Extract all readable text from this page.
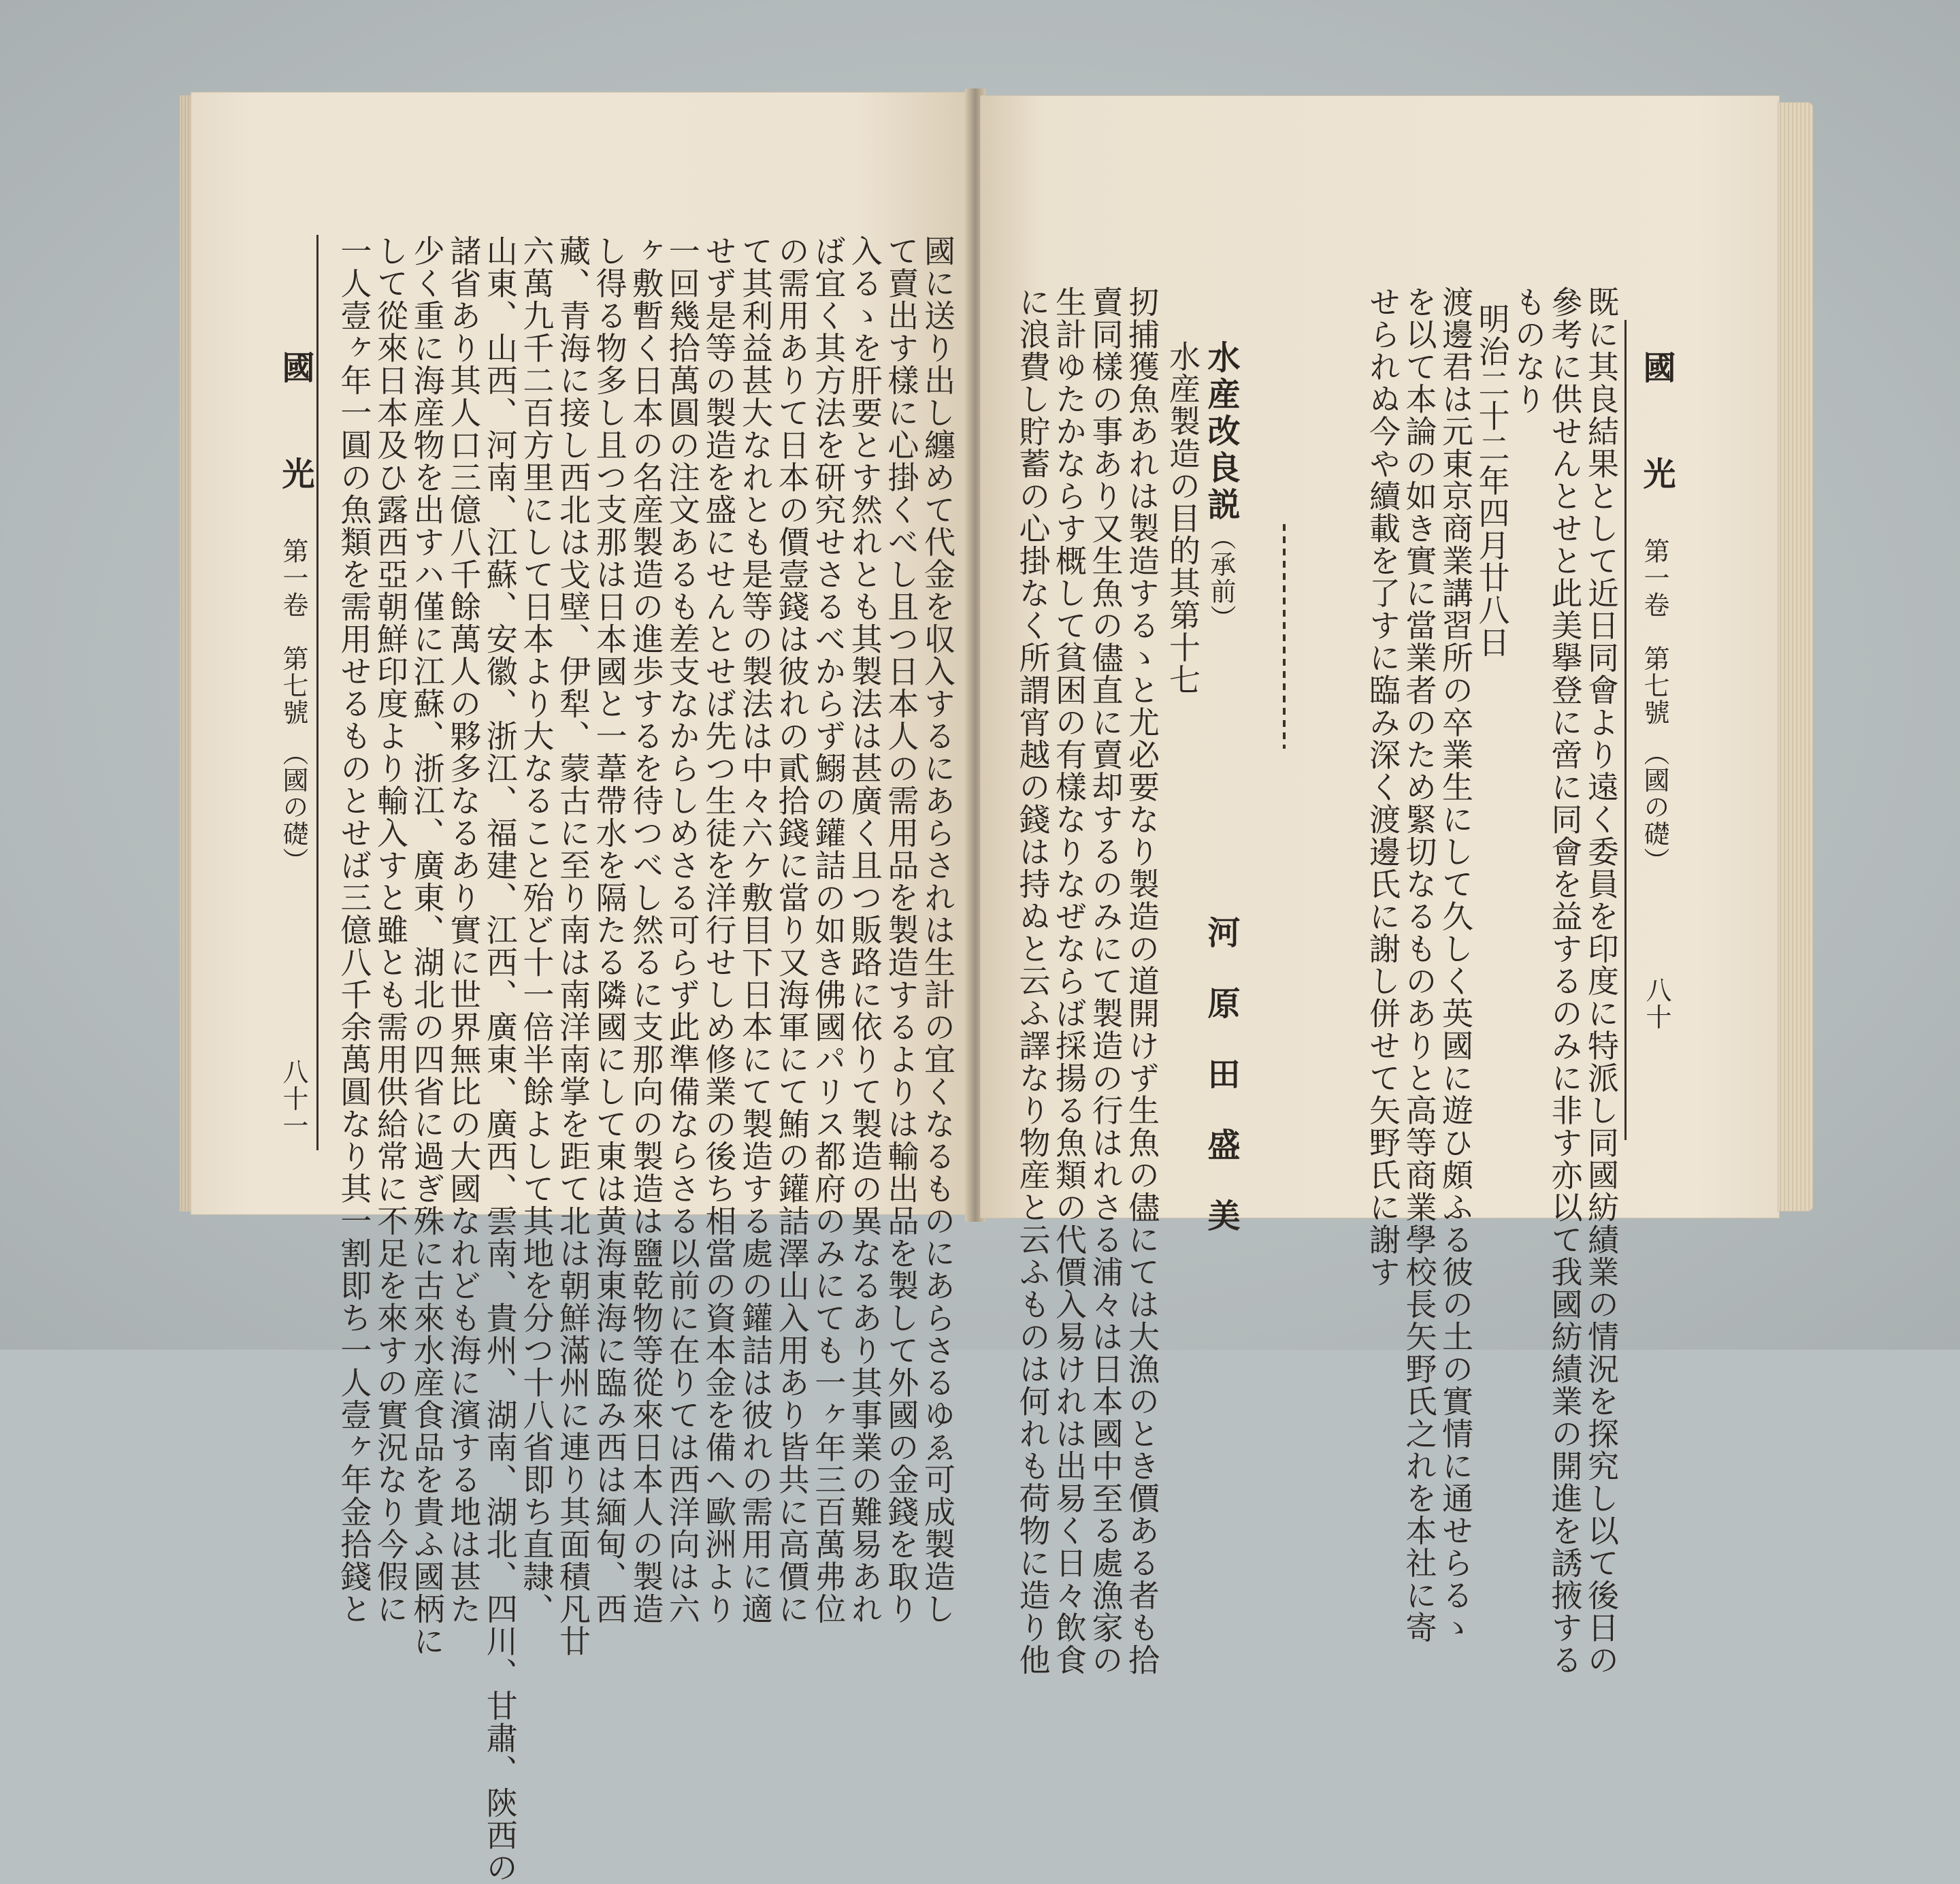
國　　光
第一卷　第七號　（國の礎）
八十一	國に送り出し纏めて代金を収入するにあらされは生計の宜くなるものにあらさるゆゑ可成製造し
て賣出す樣に心掛くべし且つ日本人の需用品を製造するよりは輸出品を製して外國の金錢を取り
入るゝを肝要とす然れとも其製法は甚廣く且つ販路に依りて製造の異なるあり其事業の難易あれ
ば宜く其方法を研究せさるべからず鰯の鑵詰の如き佛國パリス都府のみにても一ヶ年三百萬弗位
の需用ありて日本の價壹錢は彼れの貳拾錢に當り又海軍にて鮪の鑵詰澤山入用あり皆共に高價に
て其利益甚大なれとも是等の製法は中々六ケ敷目下日本にて製造する處の鑵詰は彼れの需用に適
せず是等の製造を盛にせんとせば先つ生徒を洋行せしめ修業の後ち相當の資本金を備へ歐洲より
一回幾拾萬圓の注文あるも差支なからしめさる可らず此準備ならさる以前に在りては西洋向は六
ヶ敷暫く日本の名産製造の進歩するを待つべし然るに支那向の製造は鹽乾物等從來日本人の製造
し得る物多し且つ支那は日本國と一葦帶水を隔たる隣國にして東は黄海東海に臨み西は緬甸、西
藏、青海に接し西北は戈壁、伊犁、蒙古に至り南は南洋南掌を距て北は朝鮮滿州に連り其面積凡廿
六萬九千二百方里にして日本より大なること殆ど十一倍半餘よして其地を分つ十八省即ち直隷、
山東、山西、河南、江蘇、安徽、浙江、福建、江西、廣東、廣西、雲南、貴州、湖南、湖北、四川、甘肅、陝西の
諸省あり其人口三億八千餘萬人の夥多なるあり實に世界無比の大國なれども海に濱する地は甚た
少く重に海産物を出すハ僅に江蘇、浙江、廣東、湖北の四省に過ぎ殊に古來水産食品を貴ふ國柄に
して從來日本及ひ露西亞朝鮮印度より輸入すと雖とも需用供給常に不足を來すの實況なり今假に
一人壹ヶ年一圓の魚類を需用せるものとせば三億八千余萬圓なり其一割即ち一人壹ヶ年金拾錢と	國　　光
第一卷　第七號　（國の礎）
八十
既に其良結果として近日同會より遠く委員を印度に特派し同國紡績業の情況を探究し以て後日の
參考に供せんとせと此美擧登に啻に同會を益するのみに非す亦以て我國紡績業の開進を誘掖する
ものなり
明治二十二年四月廿八日
渡邊君は元東京商業講習所の卒業生にして久しく英國に遊ひ頗ふる彼の土の實情に通せらるゝ
を以て本論の如き實に當業者のため緊切なるものありと高等商業學校長矢野氏之れを本社に寄
せられぬ今や續載を了すに臨み深く渡邊氏に謝し併せて矢野氏に謝す
水産改良説
（承前）
河　原　田　盛　美
水産製造の目的其第十七
扨捕獲魚あれは製造するゝと尤必要なり製造の道開けず生魚の儘にては大漁のとき價ある者も拾
賣同樣の事あり又生魚の儘直に賣却するのみにて製造の行はれさる浦々は日本國中至る處漁家の
生計ゆたかならす概して貧困の有樣なりなぜならば採揚る魚類の代價入易けれは出易く日々飲食
に浪費し貯蓄の心掛なく所謂宵越の錢は持ぬと云ふ譯なり物産と云ふものは何れも荷物に造り他
